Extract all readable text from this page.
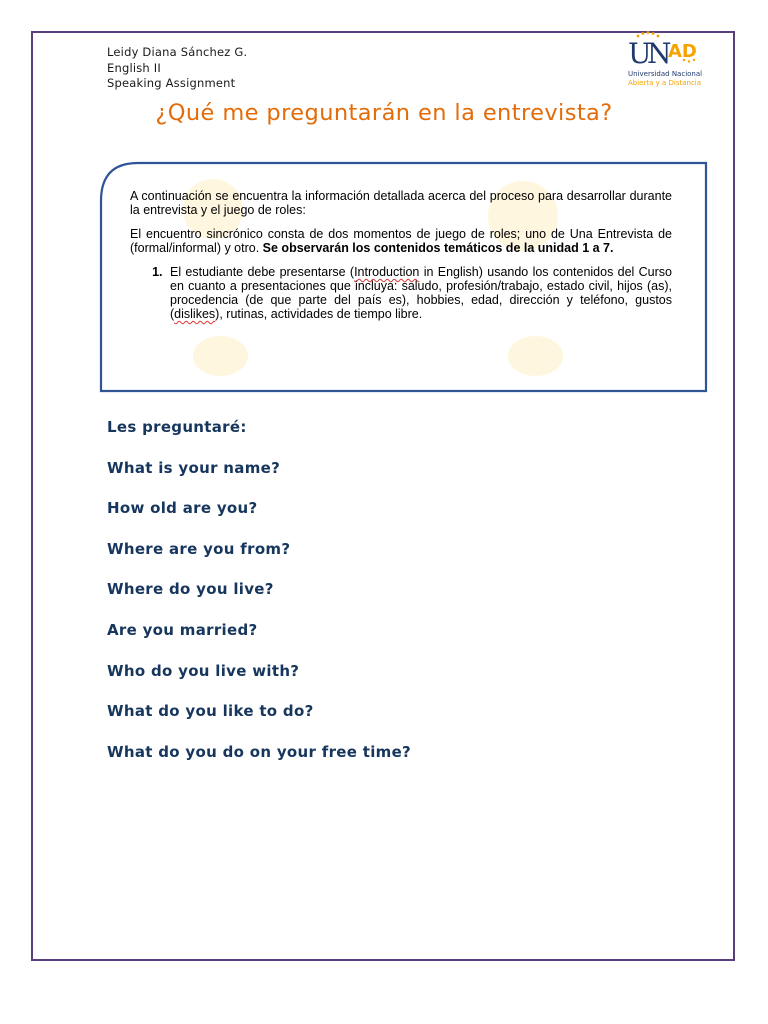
Leidy Diana Sánchez G.
English II
Speaking Assignment
U
N
AD
Universidad Nacional
Abierta y a Distancia
¿Qué me preguntarán en la entrevista?

A continuación se encuentra la información detallada acerca del proceso para desarrollar durante la entrevista y el juego de roles:

El encuentro sincrónico consta de dos momentos de juego de roles; uno de Una Entrevista de (formal/informal) y otro. Se observarán los contenidos temáticos de la unidad 1 a 7.

1. El estudiante debe presentarse (Introduction in English) usando los contenidos del Curso en cuanto a presentaciones que incluya: saludo, profesión/trabajo, estado civil, hijos (as), procedencia (de que parte del país es), hobbies, edad, dirección y teléfono, gustos (dislikes), rutinas, actividades de tiempo libre.
Les preguntaré:
What is your name?
How old are you?
Where are you from?
Where do you live?
Are you married?
Who do you live with?
What do you like to do?
What do you do on your free time?
